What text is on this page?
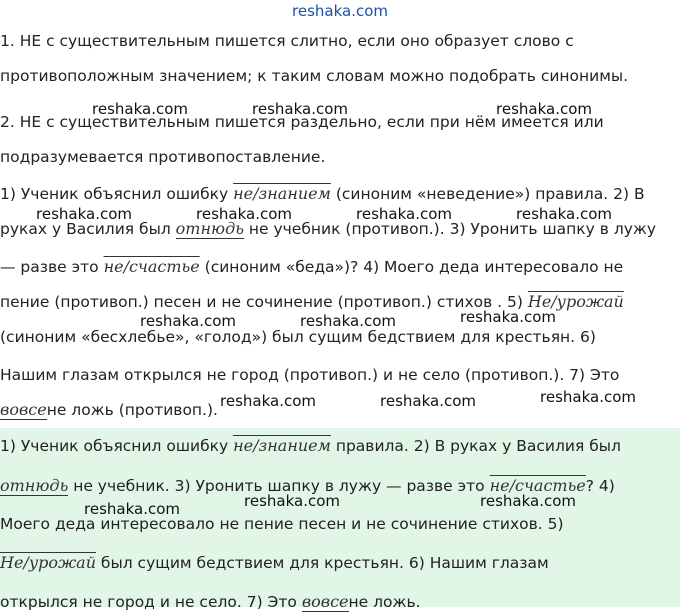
reshaka.com
1. НЕ с существительным пишется слитно, если оно образует слово с
противоположным значением; к таким словам можно подобрать синонимы.
2. НЕ с существительным пишется раздельно, если при нём имеется или
подразумевается противопоставление.
1) Ученик объяснил ошибку не/знанием (синоним «неведение») правила. 2) В
руках у Василия был отнюдь не учебник (противоп.). 3) Уронить шапку в лужу
— разве это не/счастье (синоним «беда»)? 4) Моего деда интересовало не
пение (противоп.) песен и не сочинение (противоп.) стихов . 5) Не/урожай
(синоним «бесхлебье», «голод») был сущим бедствием для крестьян. 6)
Нашим глазам открылся не город (противоп.) и не село (противоп.). 7) Это
вовсене ложь (противоп.).
1) Ученик объяснил ошибку не/знанием правила. 2) В руках у Василия был
отнюдь не учебник. 3) Уронить шапку в лужу — разве это не/счастье? 4)
Моего деда интересовало не пение песен и не сочинение стихов. 5)
Не/урожай был сущим бедствием для крестьян. 6) Нашим глазам
открылся не город и не село. 7) Это вовсене ложь.
reshaka.com	reshaka.com	reshaka.com
reshaka.com	reshaka.com	reshaka.com	reshaka.com
reshaka.com	reshaka.com	reshaka.com
reshaka.com	reshaka.com	reshaka.com
reshaka.com	reshaka.com	reshaka.com
